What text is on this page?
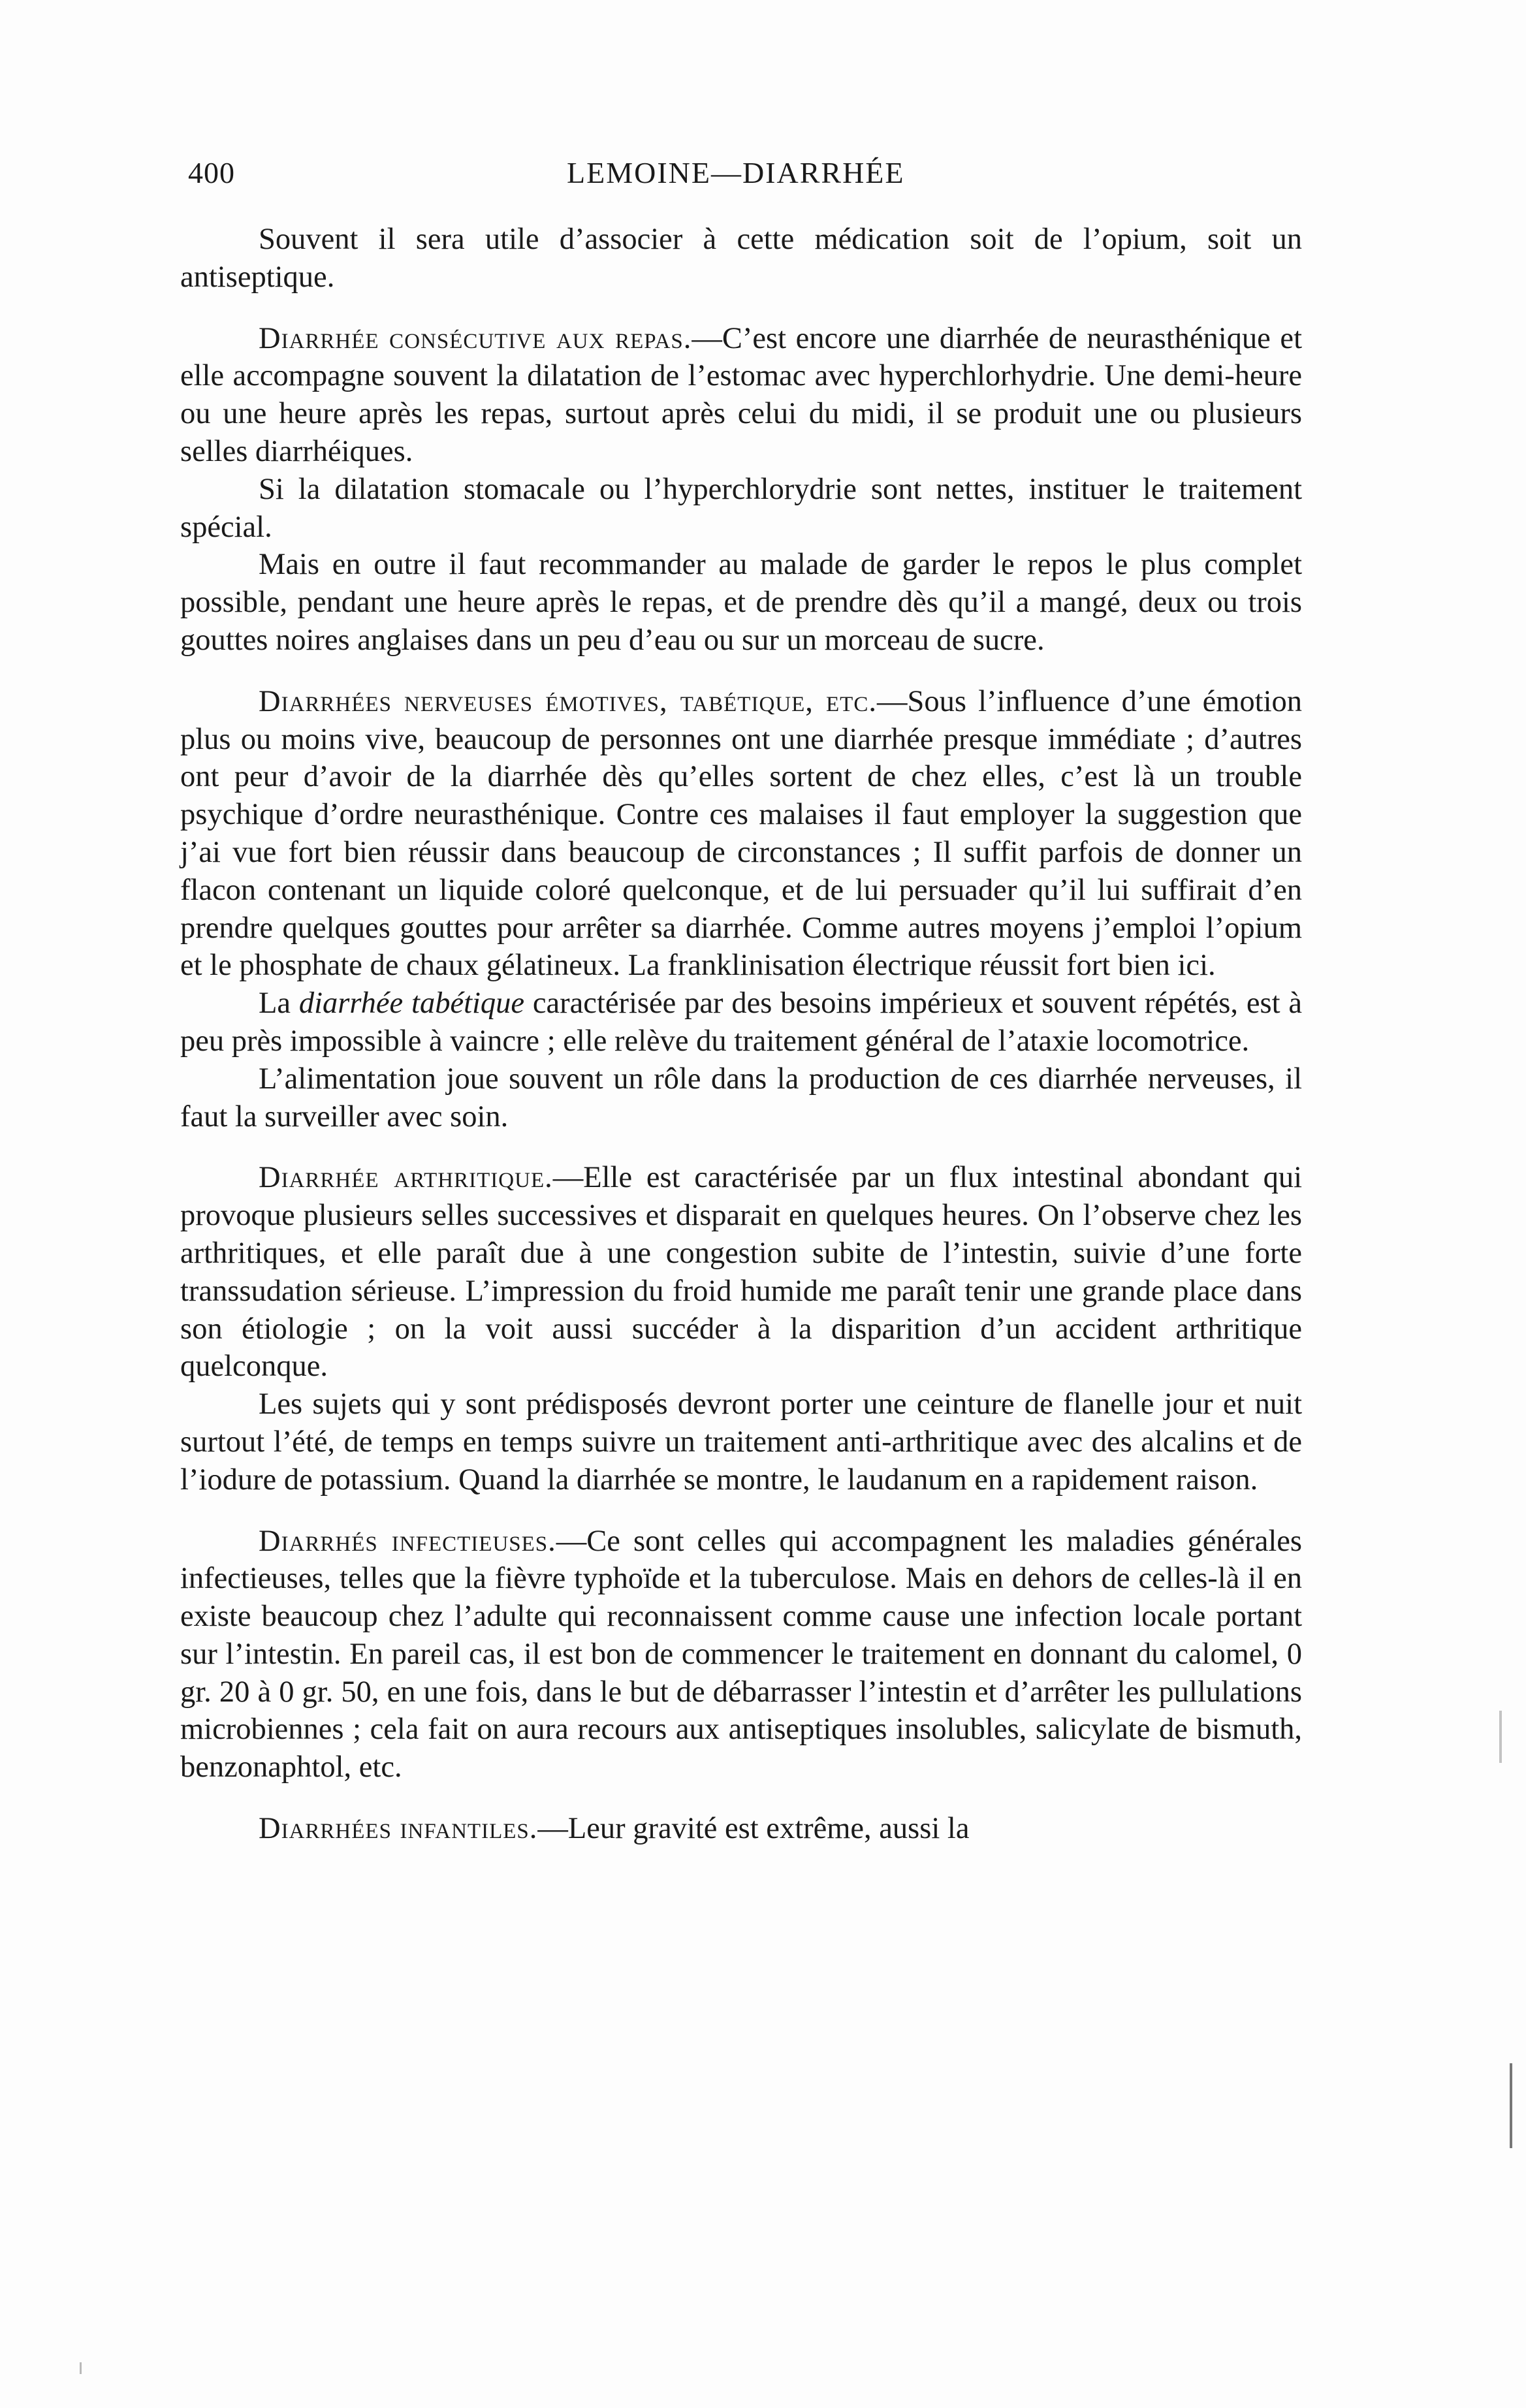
400	LEMOINE—DIARRHÉE

Souvent il sera utile d’associer à cette médication soit de l’opium, soit un antiseptique.

Diarrhée consécutive aux repas.—C’est encore une diarrhée de neurasthénique et elle accompagne souvent la dilatation de l’estomac avec hyperchlorhydrie. Une demi-heure ou une heure après les repas, surtout après celui du midi, il se produit une ou plusieurs selles diarrhéiques.

Si la dilatation stomacale ou l’hyperchlorydrie sont nettes, instituer le traitement spécial.

Mais en outre il faut recommander au malade de garder le repos le plus complet possible, pendant une heure après le repas, et de prendre dès qu’il a mangé, deux ou trois gouttes noires anglaises dans un peu d’eau ou sur un morceau de sucre.

Diarrhées nerveuses émotives, tabétique, etc.—Sous l’influence d’une émotion plus ou moins vive, beaucoup de personnes ont une diarrhée presque immédiate ; d’autres ont peur d’avoir de la diarrhée dès qu’elles sortent de chez elles, c’est là un trouble psychique d’ordre neurasthénique. Contre ces malaises il faut employer la suggestion que j’ai vue fort bien réussir dans beaucoup de circonstances ; Il suffit parfois de donner un flacon contenant un liquide coloré quelconque, et de lui persuader qu’il lui suffirait d’en prendre quelques gouttes pour arrêter sa diarrhée. Comme autres moyens j’emploi l’opium et le phosphate de chaux gélatineux. La franklinisation électrique réussit fort bien ici.

La diarrhée tabétique caractérisée par des besoins impérieux et souvent répétés, est à peu près impossible à vaincre ; elle relève du traitement général de l’ataxie locomotrice.

L’alimentation joue souvent un rôle dans la production de ces diarrhée nerveuses, il faut la surveiller avec soin.

Diarrhée arthritique.—Elle est caractérisée par un flux intestinal abondant qui provoque plusieurs selles successives et disparait en quelques heures. On l’observe chez les arthritiques, et elle paraît due à une congestion subite de l’intestin, suivie d’une forte transsudation sérieuse. L’impression du froid humide me paraît tenir une grande place dans son étiologie ; on la voit aussi succéder à la disparition d’un accident arthritique quelconque.

Les sujets qui y sont prédisposés devront porter une ceinture de flanelle jour et nuit surtout l’été, de temps en temps suivre un traitement anti-arthritique avec des alcalins et de l’iodure de potassium. Quand la diarrhée se montre, le laudanum en a rapidement raison.

Diarrhés infectieuses.—Ce sont celles qui accompagnent les maladies générales infectieuses, telles que la fièvre typhoïde et la tuberculose. Mais en dehors de celles-là il en existe beaucoup chez l’adulte qui reconnaissent comme cause une infection locale portant sur l’intestin. En pareil cas, il est bon de commencer le traitement en donnant du calomel, 0 gr. 20 à 0 gr. 50, en une fois, dans le but de débarrasser l’intestin et d’arrêter les pullulations microbiennes ; cela fait on aura recours aux antiseptiques insolubles, salicylate de bismuth, benzonaphtol, etc.

Diarrhées infantiles.—Leur gravité est extrême, aussi la
